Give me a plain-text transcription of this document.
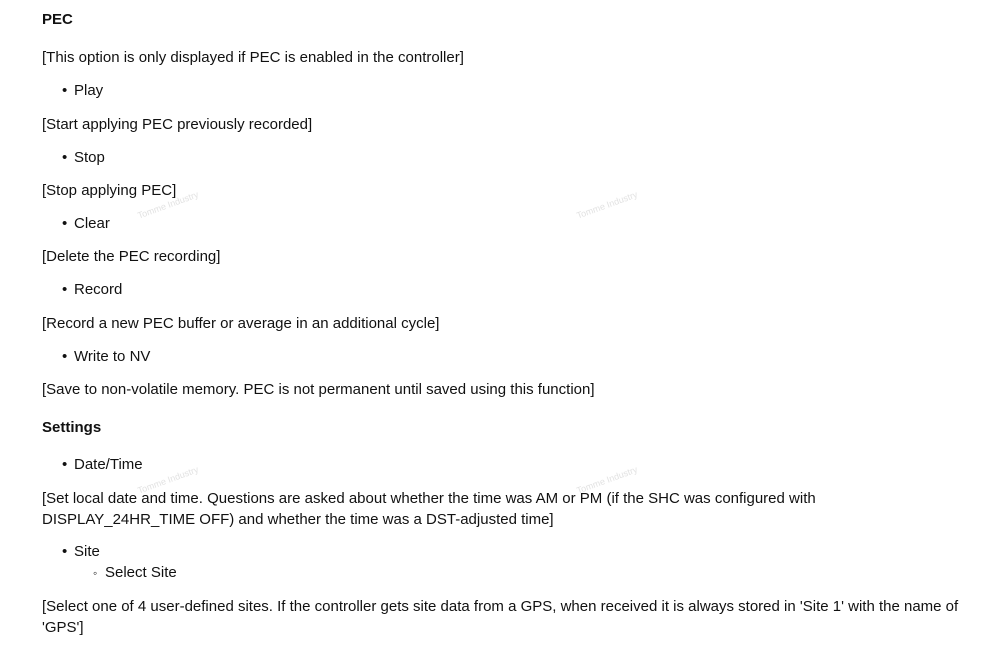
PEC
[This option is only displayed if PEC is enabled in the controller]
• Play
[Start applying PEC previously recorded]
• Stop
[Stop applying PEC]
• Clear
[Delete the PEC recording]
• Record
[Record a new PEC buffer or average in an additional cycle]
• Write to NV
[Save to non-volatile memory. PEC is not permanent until saved using this function]
Settings
• Date/Time
[Set local date and time. Questions are asked about whether the time was AM or PM (if the SHC was configured with DISPLAY_24HR_TIME OFF) and whether the time was a DST-adjusted time]
• Site
◦ Select Site
[Select one of 4 user-defined sites. If the controller gets site data from a GPS, when received it is always stored in 'Site 1' with the name of 'GPS']
Tomme Industry	Tomme Industry
Tomme Industry	Tomme Industry
